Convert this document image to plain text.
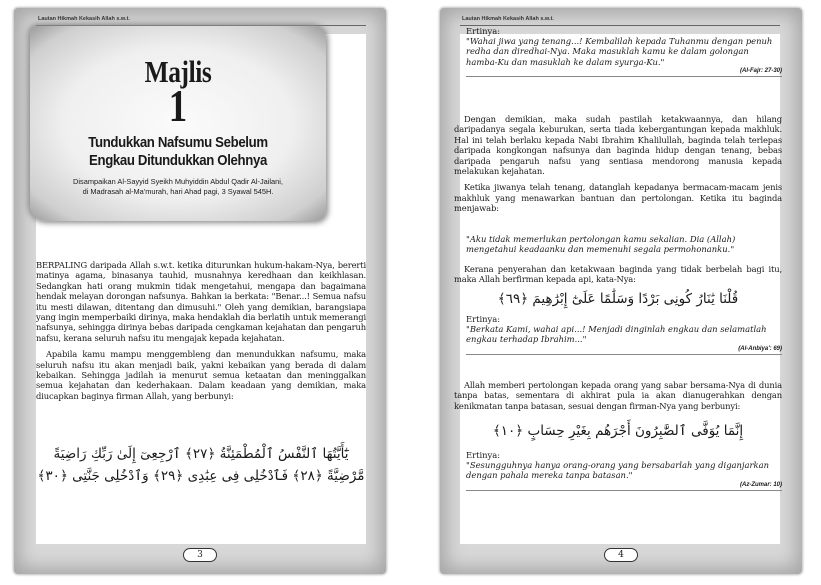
Lautan Hikmah Kekasih Allah s.w.t.
Majlis
1
Tundukkan Nafsumu Sebelum
Engkau Ditundukkan Olehnya
Disampaikan Al-Sayyid Syeikh Muhyiddin Abdul Qadir Al-Jailani,
di Madrasah al-Ma'murah, hari Ahad pagi, 3 Syawal 545H.

BERPALING daripada Allah s.w.t. ketika diturunkan hukum-hakam-Nya, bererti matinya agama, binasanya tauhid, musnahnya keredhaan dan keikhlasan. Sedangkan hati orang mukmin tidak mengetahui, mengapa dan bagaimana hendak melayan dorongan nafsunya. Bahkan ia berkata: "Benar...! Semua nafsu itu mesti dilawan, ditentang dan dimusuhi." Oleh yang demikian, barangsiapa yang ingin memperbaiki dirinya, maka hendaklah dia berlatih untuk memerangi nafsunya, sehingga dirinya bebas daripada cengkaman kejahatan dan pengaruh nafsu, kerana seluruh nafsu itu mengajak kepada kejahatan.

Apabila kamu mampu menggembleng dan menundukkan nafsumu, maka seluruh nafsu itu akan menjadi baik, yakni kebaikan yang berada di dalam kebaikan. Sehingga jadilah ia menurut semua ketaatan dan meninggalkan semua kejahatan dan kederhakaan. Dalam keadaan yang demikian, maka diucapkan baginya firman Allah, yang berbunyi:

يَٰٓأَيَّتُهَا ٱلنَّفْسُ ٱلْمُطْمَئِنَّةُ ﴿٢٧﴾ ٱرْجِعِىٓ إِلَىٰ رَبِّكِ رَاضِيَةً
مَّرْضِيَّةً ﴿٢٨﴾ فَٱدْخُلِى فِى عِبَٰدِى ﴿٢٩﴾ وَٱدْخُلِى جَنَّتِى ﴿٣٠﴾
3
Lautan Hikmah Kekasih Allah s.w.t.
Ertinya:
"Wahai jiwa yang tenang...! Kembalilah kepada Tuhanmu dengan penuh redha dan diredhai-Nya. Maka masuklah kamu ke dalam golongan hamba-Ku dan masuklah ke dalam syurga-Ku."
(Al-Fajr: 27-30)

Dengan demikian, maka sudah pastilah ketakwaannya, dan hilang daripadanya segala keburukan, serta tiada kebergantungan kepada makhluk. Hal ini telah berlaku kepada Nabi Ibrahim Khalilullah, baginda telah terlepas daripada kongkongan nafsunya dan baginda hidup dengan tenang, bebas daripada pengaruh nafsu yang sentiasa mendorong manusia kepada melakukan kejahatan.

Ketika jiwanya telah tenang, datanglah kepadanya bermacam-macam jenis makhluk yang menawarkan bantuan dan pertolongan. Ketika itu baginda menjawab:

"Aku tidak memerlukan pertolongan kamu sekalian. Dia (Allah) mengetahui keadaanku dan memenuhi segala permohonanku."

Kerana penyerahan dan ketakwaan baginda yang tidak berbelah bagi itu, maka Allah berfirman kepada api, kata-Nya:

قُلْنَا يَٰنَارُ كُونِى بَرْدًا وَسَلَٰمًا عَلَىٰٓ إِبْرَٰهِيمَ ﴿٦٩﴾
Ertinya:
"Berkata Kami, wahai api...! Menjadi dinginlah engkau dan selamatlah engkau terhadap Ibrahim..."
(Al-Anbiya': 69)

Allah memberi pertolongan kepada orang yang sabar bersama-Nya di dunia tanpa batas, sementara di akhirat pula ia akan dianugerahkan dengan kenikmatan tanpa batasan, sesuai dengan firman-Nya yang berbunyi:

إِنَّمَا يُوَفَّى ٱلصَّٰبِرُونَ أَجْرَهُم بِغَيْرِ حِسَابٍ ﴿١٠﴾
Ertinya:
"Sesungguhnya hanya orang-orang yang bersabarlah yang diganjarkan dengan pahala mereka tanpa batasan."
(Az-Zumar: 10)
4
